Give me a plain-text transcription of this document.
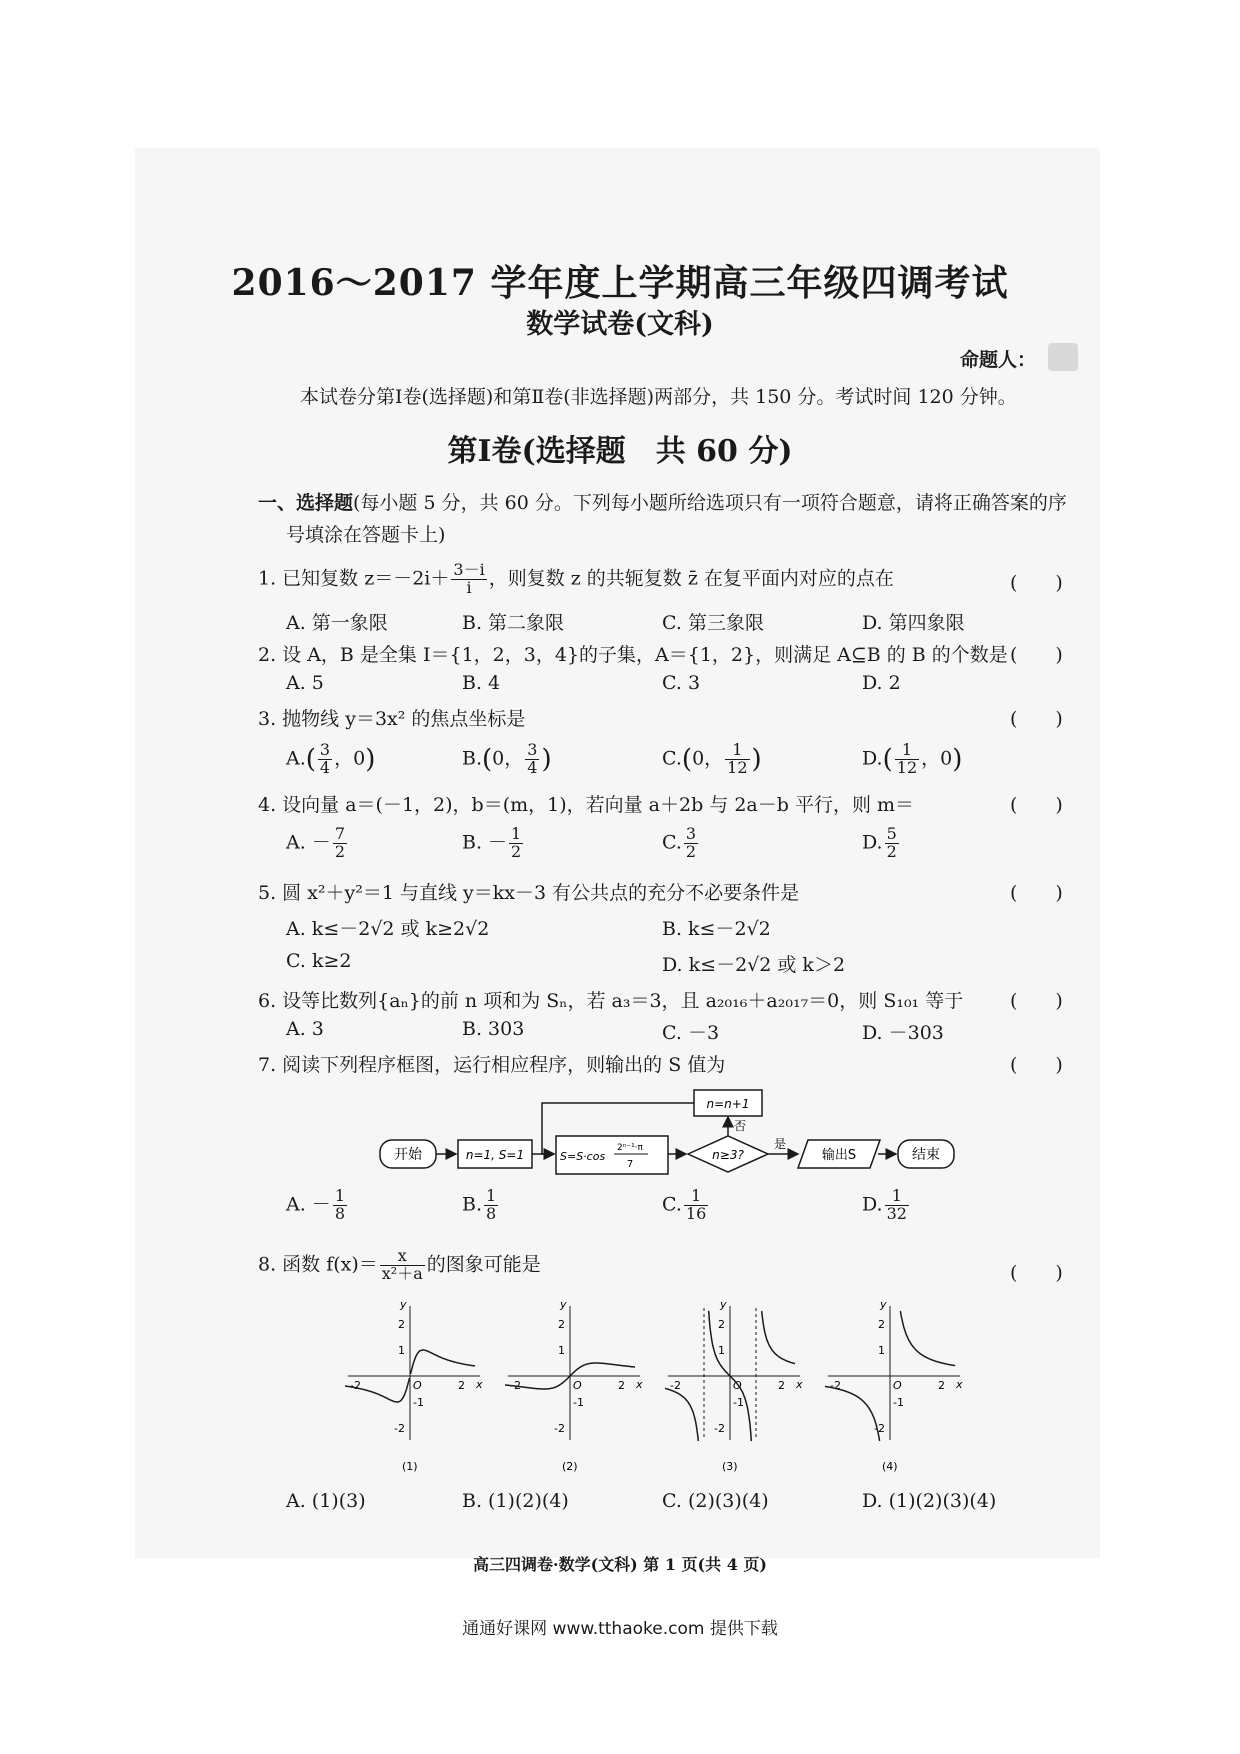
2016～2017 学年度上学期高三年级四调考试
数学试卷(文科)
命题人：
本试卷分第Ⅰ卷(选择题)和第Ⅱ卷(非选择题)两部分，共 150 分。考试时间 120 分钟。
第Ⅰ卷(选择题　共 60 分)
一、选择题(每小题 5 分，共 60 分。下列每小题所给选项只有一项符合题意，请将正确答案的序
号填涂在答题卡上)
1. 已知复数 $z=-2i+ \frac{3-i}{i}$ ，则复数 z 的共轭复数 z̄ 在复平面内对应的点在	(　　)
A. 第一象限	B. 第二象限	C. 第三象限	D. 第四象限
2. 设 A，B 是全集 I＝{1，2，3，4}的子集，A＝{1，2}，则满足 A⊆B 的 B 的个数是 (　　)
A. 5	B. 4	C. 3	D. 2
3. 抛物线 y＝3x² 的焦点坐标是	(　　)
$A.( \frac{3}{4}$ ，0)	B.(0， $\frac{3}{4}$ )	C.(0， $\frac{1}{12}$ )	$D.( \frac{1}{12}$ ，0)
4. 设向量 a＝(－1，2)，b＝(m，1)，若向量 a＋2b 与 2a－b 平行，则 m＝	(　　)
A. － $\frac{7}{2}$	B. － $\frac{1}{2}$	C. $\frac{3}{2}$	D. $\frac{5}{2}$
5. 圆 x²＋y²＝1 与直线 y＝kx－3 有公共点的充分不必要条件是	(　　)
A. k≤－2√2 或 k≥2√2	B. k≤－2√2
C. k≥2	D. k≤－2√2 或 k＞2
6. 设等比数列{aₙ}的前 n 项和为 Sₙ，若 a₃＝3，且 a₂₀₁₆＋a₂₀₁₇＝0，则 S₁₀₁ 等于 (　　)
A. 3	B. 303	C. －3	D. －303
7. 阅读下列程序框图，运行相应程序，则输出的 S 值为	(　　)
开始	n=1, S=1	S=S·cos
2ⁿ⁻¹·π
7
n≥3?
否
n=n+1
是
输出S	结束
A. － $\frac{1}{8}$	B. $\frac{1}{8}$	C. $\frac{1}{16}$	D. $\frac{1}{32}$
8. 函数 $f(x)= \frac{x}{\text{x²＋a}}$ 的图象可能是	(　　)
x
y
O
-2	2
2
1
-1
-2
(1)
x
y
O
-2	2
2
1
-1
-2
(2)
x
y
O
-2	2
2
1
-1
-2
(3)
x
y
O
-2	2
2
1
-1
-2
(4)
A. (1)(3)	B. (1)(2)(4)	C. (2)(3)(4)	D. (1)(2)(3)(4)
高三四调卷·数学(文科) 第 1 页(共 4 页)
通通好课网 www.tthaoke.com 提供下载
